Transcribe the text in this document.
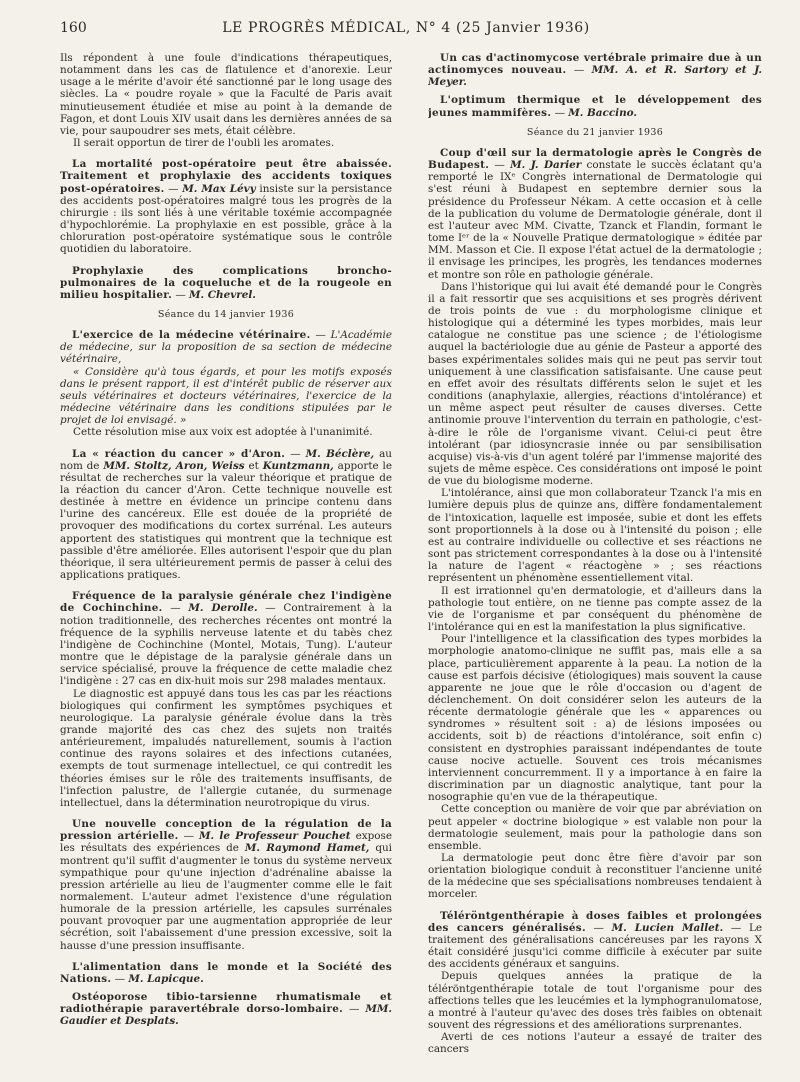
160	LE PROGRÈS MÉDICAL, N° 4 (25 Janvier 1936)

Ils répondent à une foule d'indications thérapeutiques, notamment dans les cas de flatulence et d'anorexie. Leur usage a le mérite d'avoir été sanctionné par le long usage des siècles. La « poudre royale » que la Faculté de Paris avait minutieusement étudiée et mise au point à la demande de Fagon, et dont Louis XIV usait dans les dernières années de sa vie, pour saupoudrer ses mets, était célèbre.

Il serait opportun de tirer de l'oubli les aromates.

La mortalité post-opératoire peut être abaissée. Traitement et prophylaxie des accidents toxiques post-opératoires. — M. Max Lévy insiste sur la persistance des accidents post-opératoires malgré tous les progrès de la chirurgie : ils sont liés à une véritable toxémie accompagnée d'hypochlorémie. La prophylaxie en est possible, grâce à la chloruration post-opératoire systématique sous le contrôle quotidien du laboratoire.

Prophylaxie des complications broncho-pulmonaires de la coqueluche et de la rougeole en milieu hospitalier. — M. Chevrel.

Séance du 14 janvier 1936

L'exercice de la médecine vétérinaire. — L'Académie de médecine, sur la proposition de sa section de médecine vétérinaire,

« Considère qu'à tous égards, et pour les motifs exposés dans le présent rapport, il est d'intérêt public de réserver aux seuls vétérinaires et docteurs vétérinaires, l'exercice de la médecine vétérinaire dans les conditions stipulées par le projet de loi envisagé. »

Cette résolution mise aux voix est adoptée à l'unanimité.

La « réaction du cancer » d'Aron. — M. Béclère, au nom de MM. Stoltz, Aron, Weiss et Kuntzmann, apporte le résultat de recherches sur la valeur théorique et pratique de la réaction du cancer d'Aron. Cette technique nouvelle est destinée à mettre en évidence un principe contenu dans l'urine des cancéreux. Elle est douée de la propriété de provoquer des modifications du cortex surrénal. Les auteurs apportent des statistiques qui montrent que la technique est passible d'être améliorée. Elles autorisent l'espoir que du plan théorique, il sera ultérieurement permis de passer à celui des applications pratiques.

Fréquence de la paralysie générale chez l'indigène de Cochinchine. — M. Derolle. — Contrairement à la notion traditionnelle, des recherches récentes ont montré la fréquence de la syphilis nerveuse latente et du tabès chez l'indigène de Cochinchine (Montel, Motais, Tung). L'auteur montre que le dépistage de la paralysie générale dans un service spécialisé, prouve la fréquence de cette maladie chez l'indigène : 27 cas en dix-huit mois sur 298 malades mentaux.

Le diagnostic est appuyé dans tous les cas par les réactions biologiques qui confirment les symptômes psychiques et neurologique. La paralysie générale évolue dans la très grande majorité des cas chez des sujets non traités antérieurement, impaludés naturellement, soumis à l'action continue des rayons solaires et des infections cutanées, exempts de tout surmenage intellectuel, ce qui contredit les théories émises sur le rôle des traitements insuffisants, de l'infection palustre, de l'allergie cutanée, du surmenage intellectuel, dans la détermination neurotropique du virus.

Une nouvelle conception de la régulation de la pression artérielle. — M. le Professeur Pouchet expose les résultats des expériences de M. Raymond Hamet, qui montrent qu'il suffit d'augmenter le tonus du système nerveux sympathique pour qu'une injection d'adrénaline abaisse la pression artérielle au lieu de l'augmenter comme elle le fait normalement. L'auteur admet l'existence d'une régulation humorale de la pression artérielle, les capsules surrénales pouvant provoquer par une augmentation appropriée de leur sécrétion, soit l'abaissement d'une pression excessive, soit la hausse d'une pression insuffisante.

L'alimentation dans le monde et la Société des Nations. — M. Lapicque.

Ostéoporose tibio-tarsienne rhumatismale et radiothérapie paravertébrale dorso-lombaire. — MM. Gaudier et Desplats.

Un cas d'actinomycose vertébrale primaire due à un actinomyces nouveau. — MM. A. et R. Sartory et J. Meyer.

L'optimum thermique et le développement des jeunes mammifères. — M. Baccino.

Séance du 21 janvier 1936

Coup d'œil sur la dermatologie après le Congrès de Budapest. — M. J. Darier constate le succès éclatant qu'a remporté le IXᵉ Congrès international de Dermatologie qui s'est réuni à Budapest en septembre dernier sous la présidence du Professeur Nékam. A cette occasion et à celle de la publication du volume de Dermatologie générale, dont il est l'auteur avec MM. Civatte, Tzanck et Flandin, formant le tome Iᵉʳ de la « Nouvelle Pratique dermatologique » éditée par MM. Masson et Cie. Il expose l'état actuel de la dermatologie ; il envisage les principes, les progrès, les tendances modernes et montre son rôle en pathologie générale.

Dans l'historique qui lui avait été demandé pour le Congrès il a fait ressortir que ses acquisitions et ses progrès dérivent de trois points de vue : du morphologisme clinique et histologique qui a déterminé les types morbides, mais leur catalogue ne constitue pas une science ; de l'étiologisme auquel la bactériologie due au génie de Pasteur a apporté des bases expérimentales solides mais qui ne peut pas servir tout uniquement à une classification satisfaisante. Une cause peut en effet avoir des résultats différents selon le sujet et les conditions (anaphylaxie, allergies, réactions d'intolérance) et un même aspect peut résulter de causes diverses. Cette antinomie prouve l'intervention du terrain en pathologie, c'est-à-dire le rôle de l'organisme vivant. Celui-ci peut être intolérant (par idiosyncrasie innée ou par sensibilisation acquise) vis-à-vis d'un agent toléré par l'immense majorité des sujets de même espèce. Ces considérations ont imposé le point de vue du biologisme moderne.

L'intolérance, ainsi que mon collaborateur Tzanck l'a mis en lumière depuis plus de quinze ans, diffère fondamentalement de l'intoxication, laquelle est imposée, subie et dont les effets sont proportionnels à la dose ou à l'intensité du poison ; elle est au contraire individuelle ou collective et ses réactions ne sont pas strictement correspondantes à la dose ou à l'intensité la nature de l'agent « réactogène » ; ses réactions représentent un phénomène essentiellement vital.

Il est irrationnel qu'en dermatologie, et d'ailleurs dans la pathologie tout entière, on ne tienne pas compte assez de la vie de l'organisme et par conséquent du phénomène de l'intolérance qui en est la manifestation la plus significative.

Pour l'intelligence et la classification des types morbides la morphologie anatomo-clinique ne suffit pas, mais elle a sa place, particulièrement apparente à la peau. La notion de la cause est parfois décisive (étiologiques) mais souvent la cause apparente ne joue que le rôle d'occasion ou d'agent de déclenchement. On doit considérer selon les auteurs de la récente dermatologie générale que les « apparences ou syndromes » résultent soit : a) de lésions imposées ou accidents, soit b) de réactions d'intolérance, soit enfin c) consistent en dystrophies paraissant indépendantes de toute cause nocive actuelle. Souvent ces trois mécanismes interviennent concurremment. Il y a importance à en faire la discrimination par un diagnostic analytique, tant pour la nosographie qu'en vue de la thérapeutique.

Cette conception ou manière de voir que par abréviation on peut appeler « doctrine biologique » est valable non pour la dermatologie seulement, mais pour la pathologie dans son ensemble.

La dermatologie peut donc être fière d'avoir par son orientation biologique conduit à reconstituer l'ancienne unité de la médecine que ses spécialisations nombreuses tendaient à morceler.

Téléröntgenthérapie à doses faibles et prolongées des cancers généralisés. — M. Lucien Mallet. — Le traitement des généralisations cancéreuses par les rayons X était considéré jusqu'ici comme difficile à exécuter par suite des accidents généraux et sanguins.

Depuis quelques années la pratique de la téléröntgenthérapie totale de tout l'organisme pour des affections telles que les leucémies et la lymphogranulomatose, a montré à l'auteur qu'avec des doses très faibles on obtenait souvent des régressions et des améliorations surprenantes.

Averti de ces notions l'auteur a essayé de traiter des cancers
